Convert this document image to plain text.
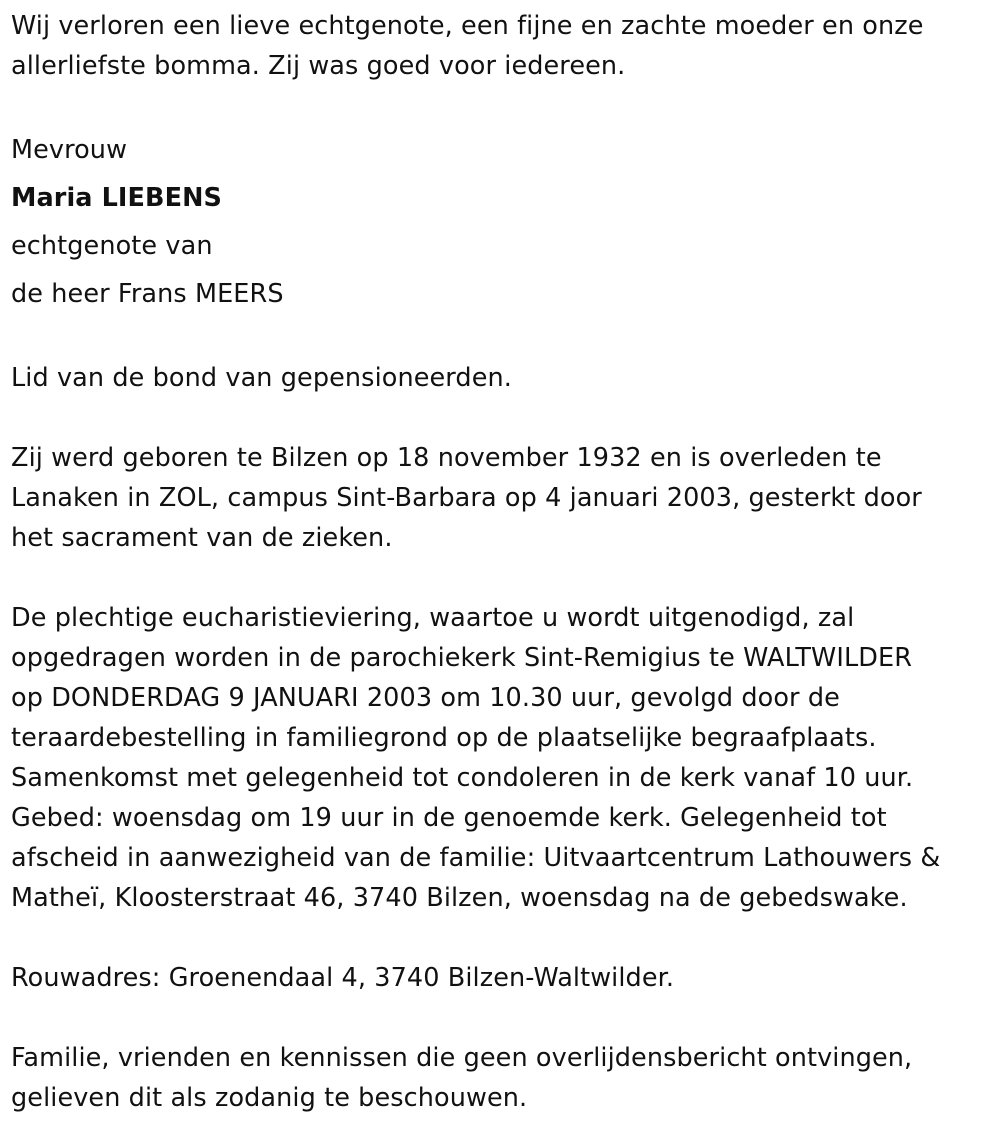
Wij verloren een lieve echtgenote, een fijne en zachte moeder en onze
allerliefste bomma. Zij was goed voor iedereen.
Mevrouw
Maria LIEBENS
echtgenote van
de heer Frans MEERS
Lid van de bond van gepensioneerden.
Zij werd geboren te Bilzen op 18 november 1932 en is overleden te
Lanaken in ZOL, campus Sint-Barbara op 4 januari 2003, gesterkt door
het sacrament van de zieken.
De plechtige eucharistieviering, waartoe u wordt uitgenodigd, zal
opgedragen worden in de parochiekerk Sint-Remigius te WALTWILDER
op DONDERDAG 9 JANUARI 2003 om 10.30 uur, gevolgd door de
teraardebestelling in familiegrond op de plaatselijke begraafplaats.
Samenkomst met gelegenheid tot condoleren in de kerk vanaf 10 uur.
Gebed: woensdag om 19 uur in de genoemde kerk. Gelegenheid tot
afscheid in aanwezigheid van de familie: Uitvaartcentrum Lathouwers &
Matheï, Kloosterstraat 46, 3740 Bilzen, woensdag na de gebedswake.
Rouwadres: Groenendaal 4, 3740 Bilzen-Waltwilder.
Familie, vrienden en kennissen die geen overlijdensbericht ontvingen,
gelieven dit als zodanig te beschouwen.
